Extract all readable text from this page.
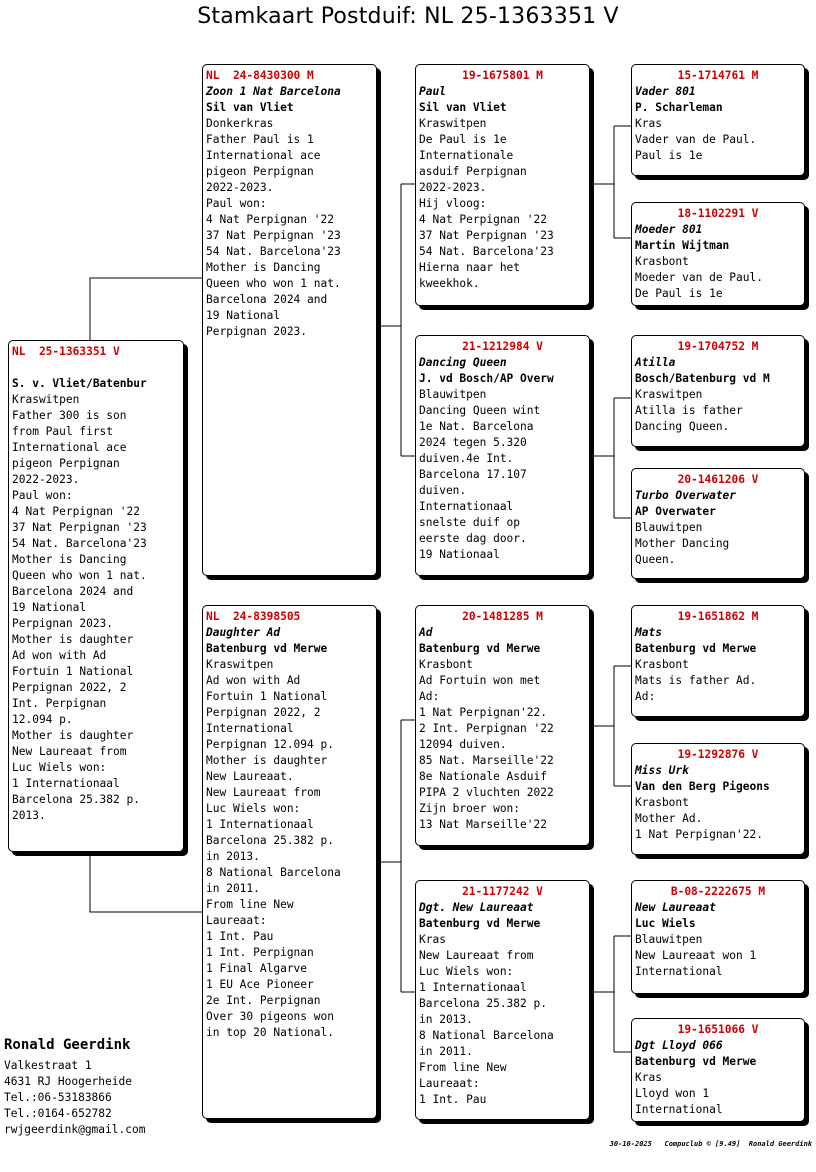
Stamkaart Postduif: NL 25-1363351 V
NL  25-1363351 V
S. v. Vliet/Batenbur
Kraswitpen
Father 300 is son
from Paul first
International ace
pigeon Perpignan
2022-2023.
Paul won:
4 Nat Perpignan '22
37 Nat Perpignan '23
54 Nat. Barcelona'23
Mother is Dancing
Queen who won 1 nat.
Barcelona 2024 and
19 National
Perpignan 2023.
Mother is daughter
Ad won with Ad
Fortuin 1 National
Perpignan 2022, 2
Int. Perpignan
12.094 p.
Mother is daughter
New Laureaat from
Luc Wiels won:
1 Internationaal
Barcelona 25.382 p.
2013.
NL  24-8430300 M
Zoon 1 Nat Barcelona
Sil van Vliet
Donkerkras
Father Paul is 1
International ace
pigeon Perpignan
2022-2023.
Paul won:
4 Nat Perpignan '22
37 Nat Perpignan '23
54 Nat. Barcelona'23
Mother is Dancing
Queen who won 1 nat.
Barcelona 2024 and
19 National
Perpignan 2023.
NL  24-8398505
Daughter Ad
Batenburg vd Merwe
Kraswitpen
Ad won with Ad
Fortuin 1 National
Perpignan 2022, 2
International
Perpignan 12.094 p.
Mother is daughter
New Laureaat.
New Laureaat from
Luc Wiels won:
1 Internationaal
Barcelona 25.382 p.
in 2013.
8 National Barcelona
in 2011.
From line New
Laureaat:
1 Int. Pau
1 Int. Perpignan
1 Final Algarve
1 EU Ace Pioneer
2e Int. Perpignan
Over 30 pigeons won
in top 20 National.
19-1675801 M
Paul
Sil van Vliet
Kraswitpen
De Paul is 1e
Internationale
asduif Perpignan
2022-2023.
Hij vloog:
4 Nat Perpignan '22
37 Nat Perpignan '23
54 Nat. Barcelona'23
Hierna naar het
kweekhok.
21-1212984 V
Dancing Queen
J. vd Bosch/AP Overw
Blauwitpen
Dancing Queen wint
1e Nat. Barcelona
2024 tegen 5.320
duiven.4e Int.
Barcelona 17.107
duiven.
Internationaal
snelste duif op
eerste dag door.
19 Nationaal
20-1481285 M
Ad
Batenburg vd Merwe
Krasbont
Ad Fortuin won met
Ad:
1 Nat Perpignan'22.
2 Int. Perpignan '22
12094 duiven.
85 Nat. Marseille'22
8e Nationale Asduif
PIPA 2 vluchten 2022
Zijn broer won:
13 Nat Marseille'22
21-1177242 V
Dgt. New Laureaat
Batenburg vd Merwe
Kras
New Laureaat from
Luc Wiels won:
1 Internationaal
Barcelona 25.382 p.
in 2013.
8 National Barcelona
in 2011.
From line New
Laureaat:
1 Int. Pau
15-1714761 M
Vader 801
P. Scharleman
Kras
Vader van de Paul.
Paul is 1e
18-1102291 V
Moeder 801
Martin Wijtman
Krasbont
Moeder van de Paul.
De Paul is 1e
19-1704752 M
Atilla
Bosch/Batenburg vd M
Kraswitpen
Atilla is father
Dancing Queen.
20-1461206 V
Turbo Overwater
AP Overwater
Blauwitpen
Mother Dancing
Queen.
19-1651862 M
Mats
Batenburg vd Merwe
Krasbont
Mats is father Ad.
Ad:
19-1292876 V
Miss Urk
Van den Berg Pigeons
Krasbont
Mother Ad.
1 Nat Perpignan'22.
B-08-2222675 M
New Laureaat
Luc Wiels
Blauwitpen
New Laureaat won 1
International
19-1651066 V
Dgt Lloyd 066
Batenburg vd Merwe
Kras
Lloyd won 1
International
Ronald Geerdink
Valkestraat 1
4631 RJ Hoogerheide
Tel.:06-53183866
Tel.:0164-652782
rwjgeerdink@gmail.com
30-10-2025   Compuclub © [9.49]  Ronald Geerdink
